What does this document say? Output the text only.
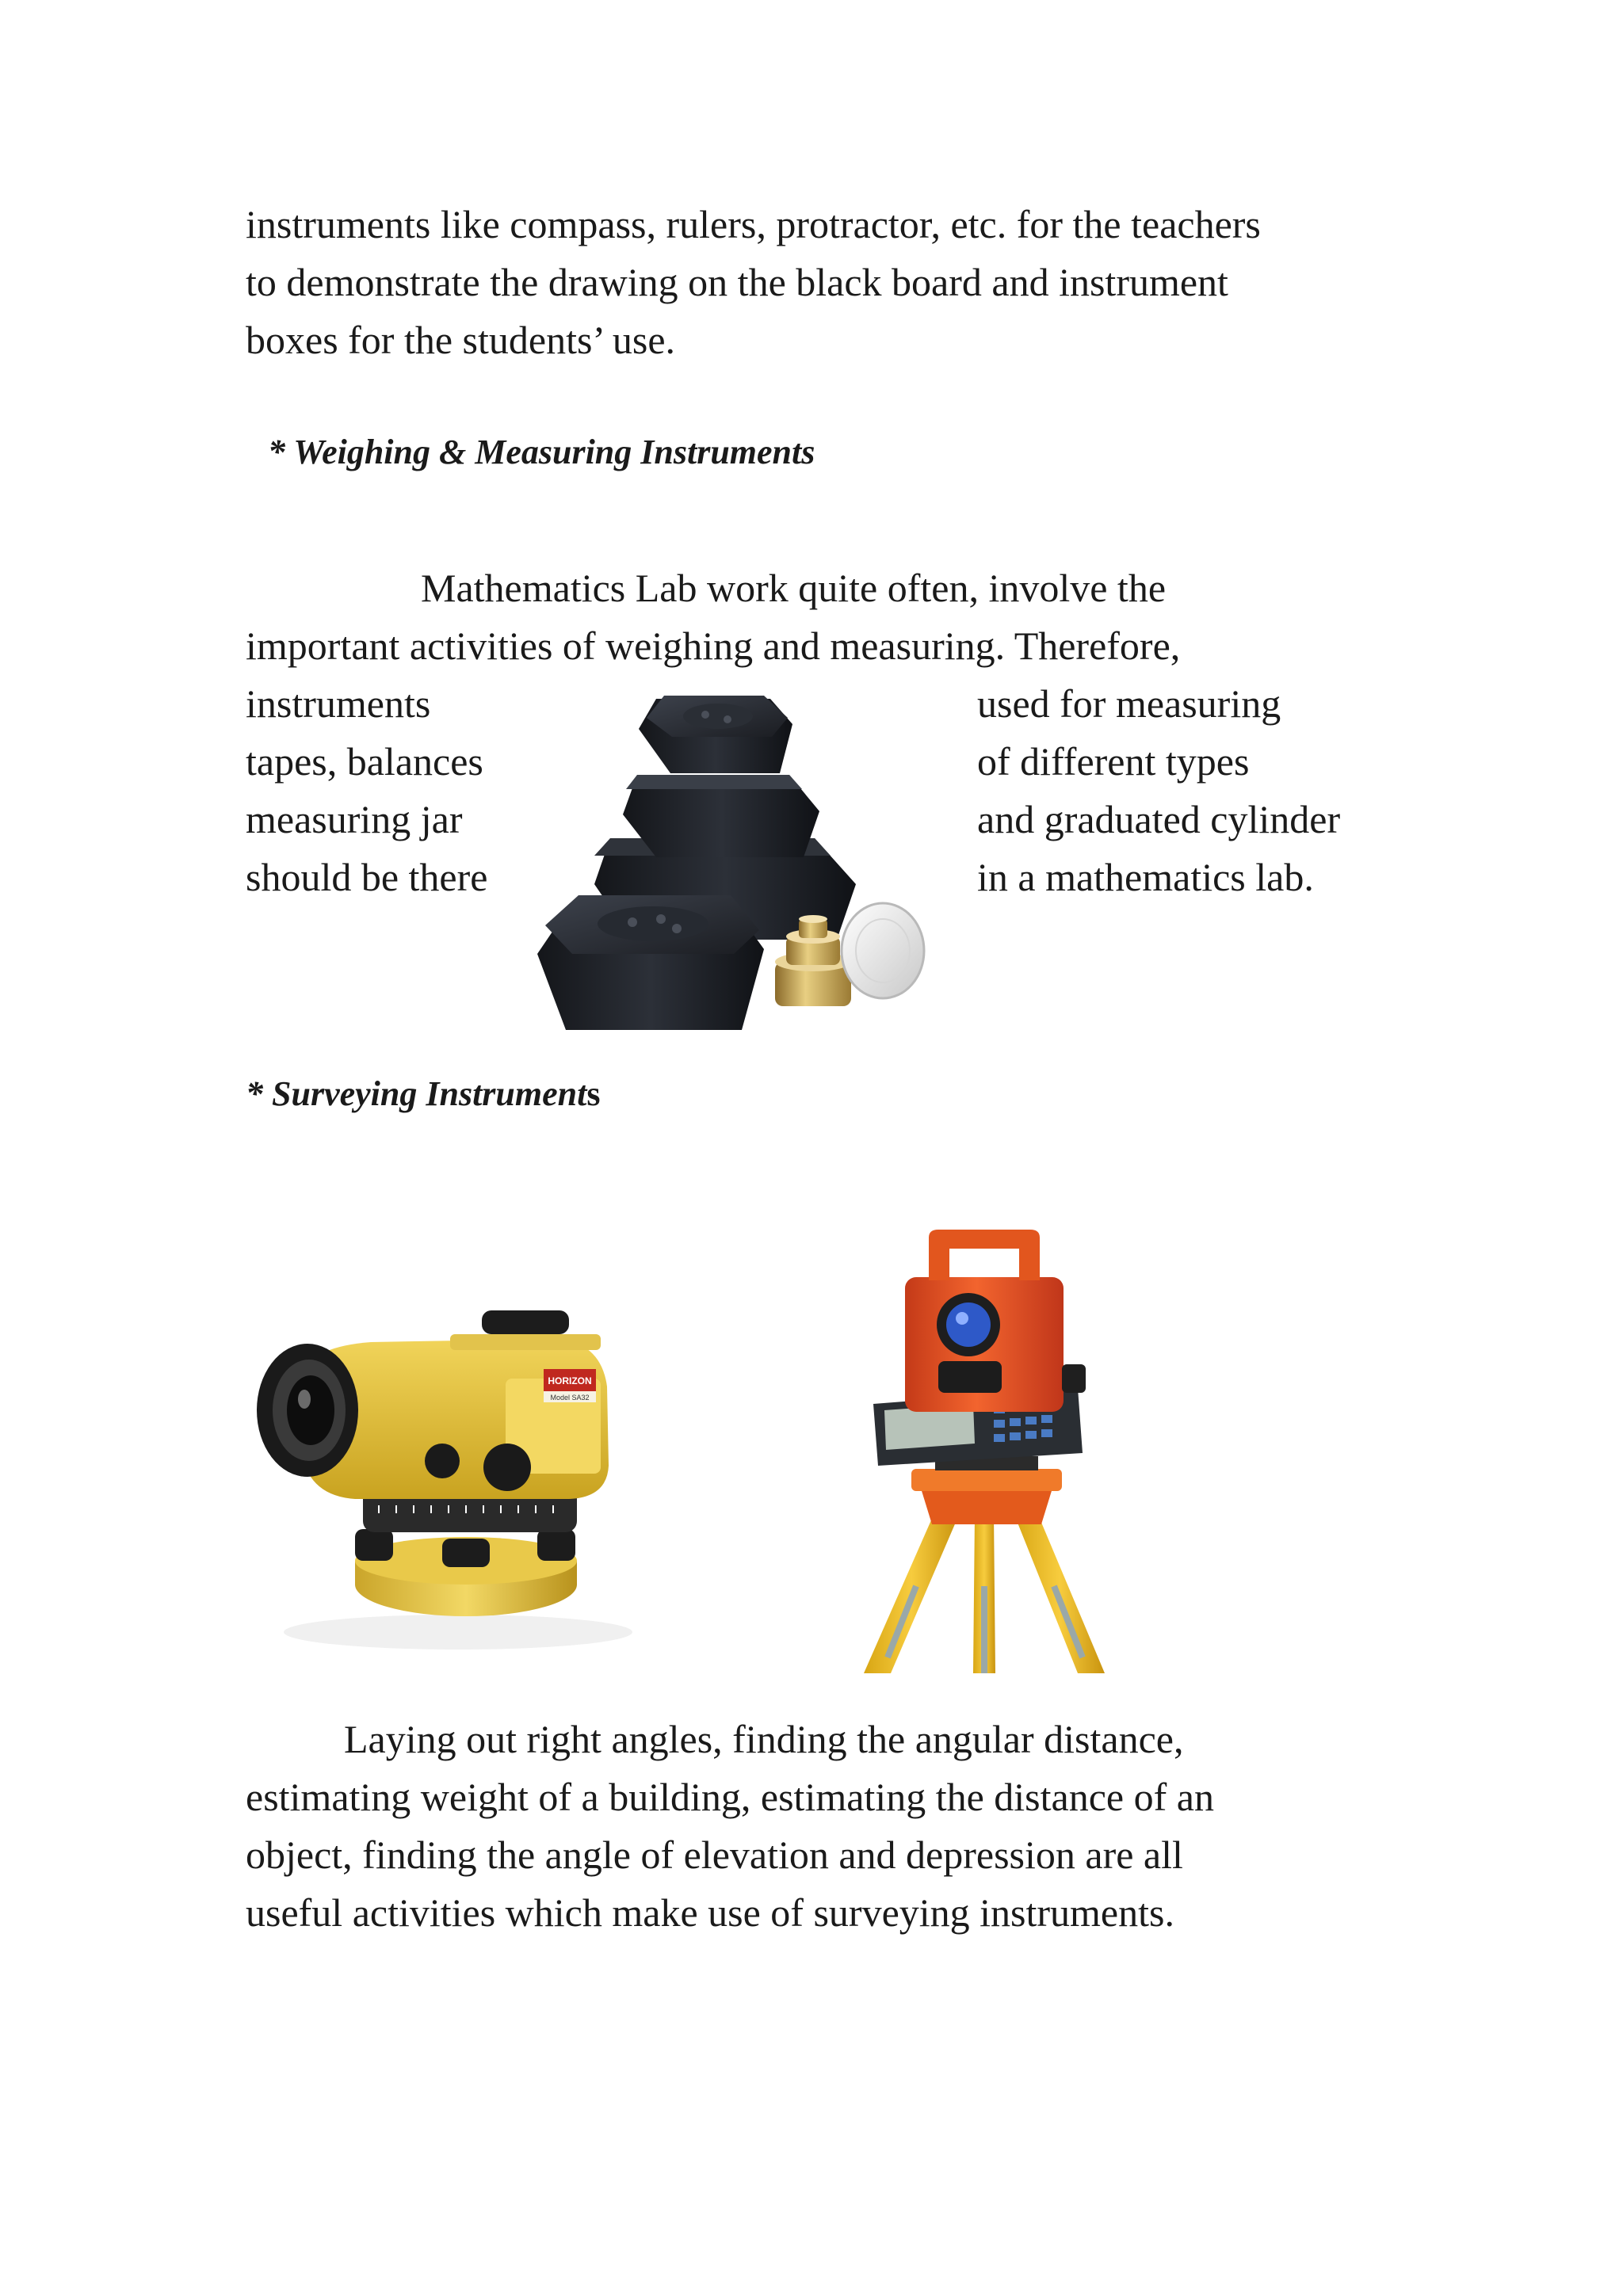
instruments like compass, rulers, protractor, etc. for the teachers

to demonstrate the drawing on the black board and instrument

boxes for the students’ use.

* Weighing & Measuring Instruments

Mathematics Lab work quite often, involve the

important activities of weighing and measuring. Therefore,

instruments

tapes, balances

measuring jar

should be there

used for measuring

of different types

and graduated cylinder

in a mathematics lab.

* Surveying Instruments

HORIZON
Model SA32

Laying out right angles, finding the angular distance,

estimating weight of a building, estimating the distance of an

object, finding the angle of elevation and depression are all

useful activities which make use of surveying instruments.
